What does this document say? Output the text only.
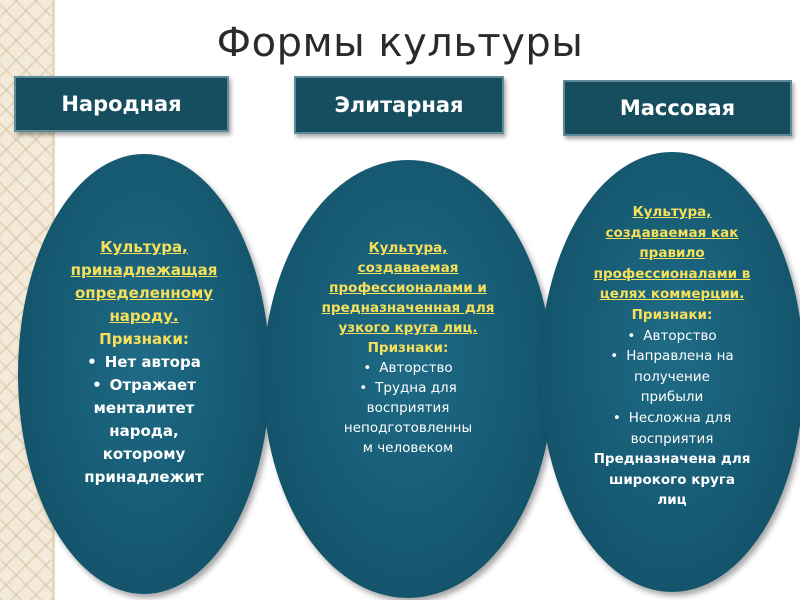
Формы культуры
Народная	Элитарная	Массовая
Культура,
принадлежащая
определенному
народу.
Признаки:
• Нет автора
• Отражает
менталитет
народа,
которому
принадлежит
Культура,
создаваемая
профессионалами и
предназначенная для
узкого круга лиц.
Признаки:
• Авторство
• Трудна для
восприятия
неподготовленны
м человеком
Культура,
создаваемая как
правило
профессионалами в
целях коммерции.
Признаки:
• Авторство
• Направлена на
получение
прибыли
• Несложна для
восприятия
Предназначена для
широкого круга
лиц
